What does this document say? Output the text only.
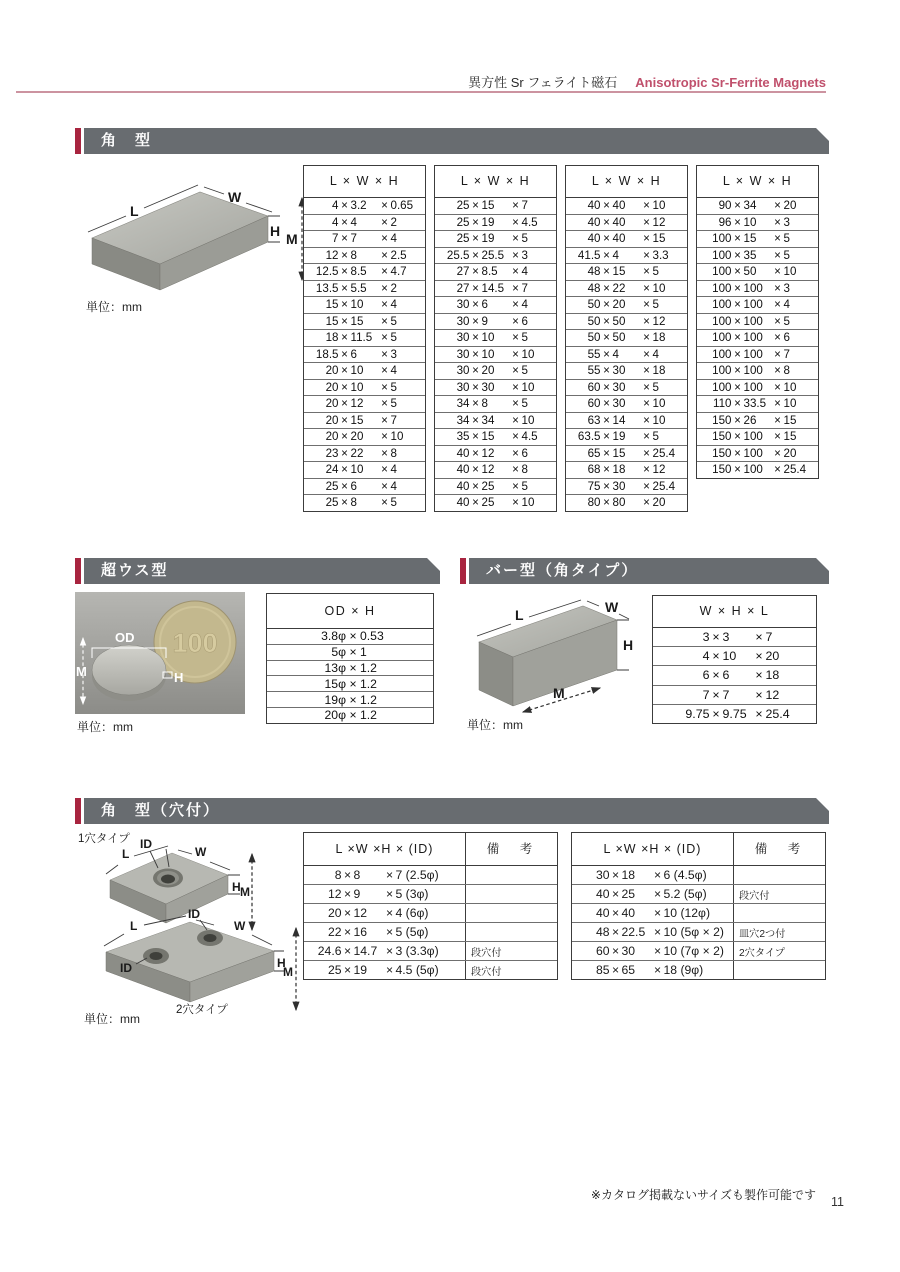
異方性 Sr フェライト磁石 Anisotropic Sr-Ferrite Magnets
角　型
L
W
H M
単位：mm
L × W × H
4 × 3.2	× 0.65
4 × 4	× 2
7 × 7	× 4
12 × 8	× 2.5
12.5 × 8.5	× 4.7
13.5 × 5.5	× 2
15 × 10	× 4
15 × 15	× 5
18 × 11.5 × 5
18.5 × 6	× 3
20 × 10	× 4
20 × 10	× 5
20 × 12	× 5
20 × 15	× 7
20 × 20	× 10
23 × 22	× 8
24 × 10	× 4
25 × 6	× 4
25 × 8	× 5
L × W × H
25 × 15	× 7
25 × 19	× 4.5
25 × 19	× 5
25.5 × 25.5 × 3
27 × 8.5	× 4
27 × 14.5 × 7
30 × 6	× 4
30 × 9	× 6
30 × 10	× 5
30 × 10	× 10
30 × 20	× 5
30 × 30	× 10
34 × 8	× 5
34 × 34	× 10
35 × 15	× 4.5
40 × 12	× 6
40 × 12	× 8
40 × 25	× 5
40 × 25	× 10
L × W × H
40 × 40	× 10
40 × 40	× 12
40 × 40	× 15
41.5 × 4	× 3.3
48 × 15	× 5
48 × 22	× 10
50 × 20	× 5
50 × 50	× 12
50 × 50	× 18
55 × 4	× 4
55 × 30	× 18
60 × 30	× 5
60 × 30	× 10
63 × 14	× 10
63.5 × 19	× 5
65 × 15	× 25.4
68 × 18	× 12
75 × 30	× 25.4
80 × 80	× 20
L × W × H
90 × 34	× 20
96 × 10	× 3
100 × 15	× 5
100 × 35	× 5
100 × 50	× 10
100 × 100 × 3
100 × 100 × 4
100 × 100 × 5
100 × 100 × 6
100 × 100 × 7
100 × 100 × 8
100 × 100 × 10
110 × 33.5 × 10
150 × 26	× 15
150 × 100 × 15
150 × 100 × 20
150 × 100 × 25.4
超ウス型
100
OD
M	H
単位：mm
OD × H
3.8φ × 0.53
5φ × 1
13φ × 1.2
15φ × 1.2
19φ × 1.2
20φ × 1.2
バー型（角タイプ）
L	W
H
M
単位：mm
W × H × L
3 × 3	× 7
4 × 10	× 20
6 × 6	× 18
7 × 7	× 12
9.75 × 9.75 × 25.4
角　型（穴付）
1穴タイプ
2穴タイプ
L
ID
W
H M
L
ID
W
ID	H
M
単位：mm
L ×W ×H × (ID)	備　考
8 × 8	× 7 (2.5φ)
12 × 9	× 5 (3φ)
20 × 12	× 4 (6φ)
22 × 16	× 5 (5φ)
24.6 × 14.7 × 3 (3.3φ)	段穴付
25 × 19	× 4.5 (5φ)	段穴付
L ×W ×H × (ID)	備　考
30 × 18	× 6 (4.5φ)
40 × 25	× 5.2 (5φ)	段穴付
40 × 40	× 10 (12φ)
48 × 22.5 × 10 (5φ × 2)	皿穴2つ付
60 × 30	× 10 (7φ × 2)	2穴タイプ
85 × 65	× 18 (9φ)
※カタログ掲載ないサイズも製作可能です 11
